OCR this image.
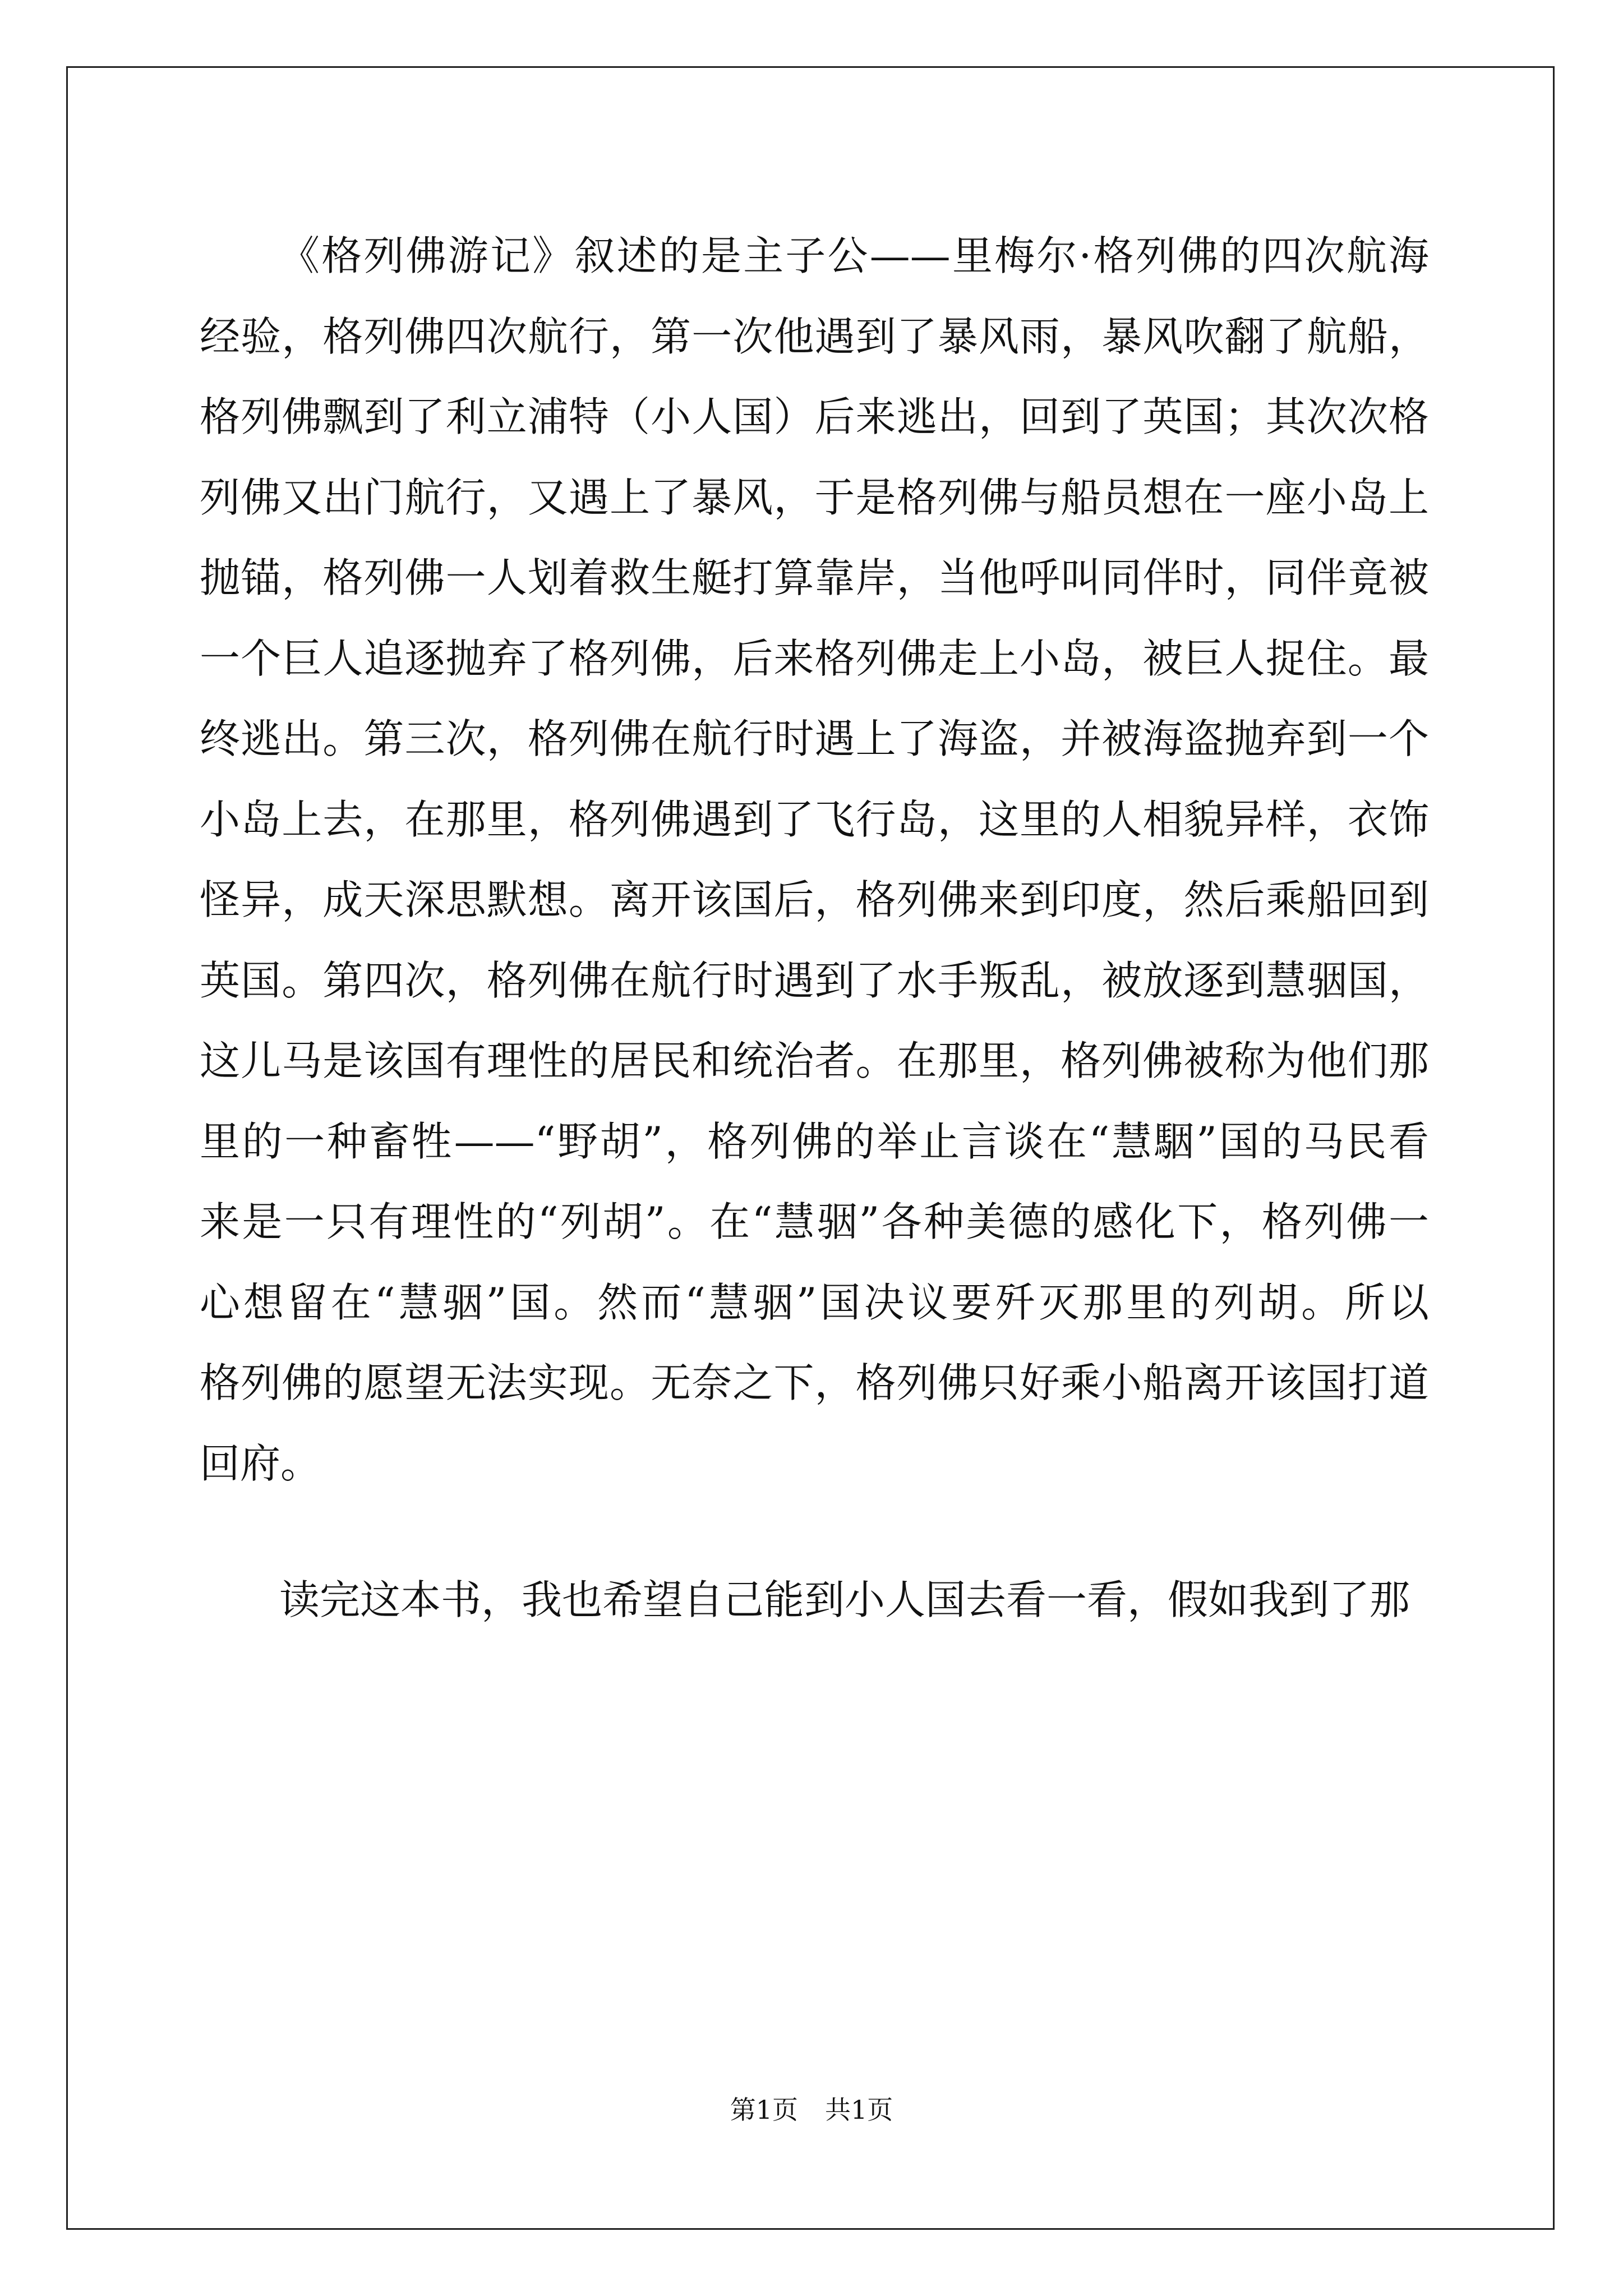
《格列佛游记》叙述的是主子公——里梅尔·格列佛的四次航海
经验，格列佛四次航行，第一次他遇到了暴风雨，暴风吹翻了航船，
格列佛飘到了利立浦特（小人国）后来逃出，回到了英国；其次次格
列佛又出门航行，又遇上了暴风，于是格列佛与船员想在一座小岛上
抛锚，格列佛一人划着救生艇打算靠岸，当他呼叫同伴时，同伴竟被
一个巨人追逐抛弃了格列佛，后来格列佛走上小岛，被巨人捉住。最
终逃出。第三次，格列佛在航行时遇上了海盗，并被海盗抛弃到一个
小岛上去，在那里，格列佛遇到了飞行岛，这里的人相貌异样，衣饰
怪异，成天深思默想。离开该国后，格列佛来到印度，然后乘船回到
英国。第四次，格列佛在航行时遇到了水手叛乱，被放逐到慧骃国，
这儿马是该国有理性的居民和统治者。在那里，格列佛被称为他们那
里的一种畜牲——“野胡”，格列佛的举止言谈在“慧駰”国的马民看
来是一只有理性的“列胡”。在“慧骃”各种美德的感化下，格列佛一
心想留在“慧骃”国。然而“慧骃”国决议要歼灭那里的列胡。所以
格列佛的愿望无法实现。无奈之下，格列佛只好乘小船离开该国打道
回府。
读完这本书，我也希望自己能到小人国去看一看，假如我到了那
第1页 共1页
